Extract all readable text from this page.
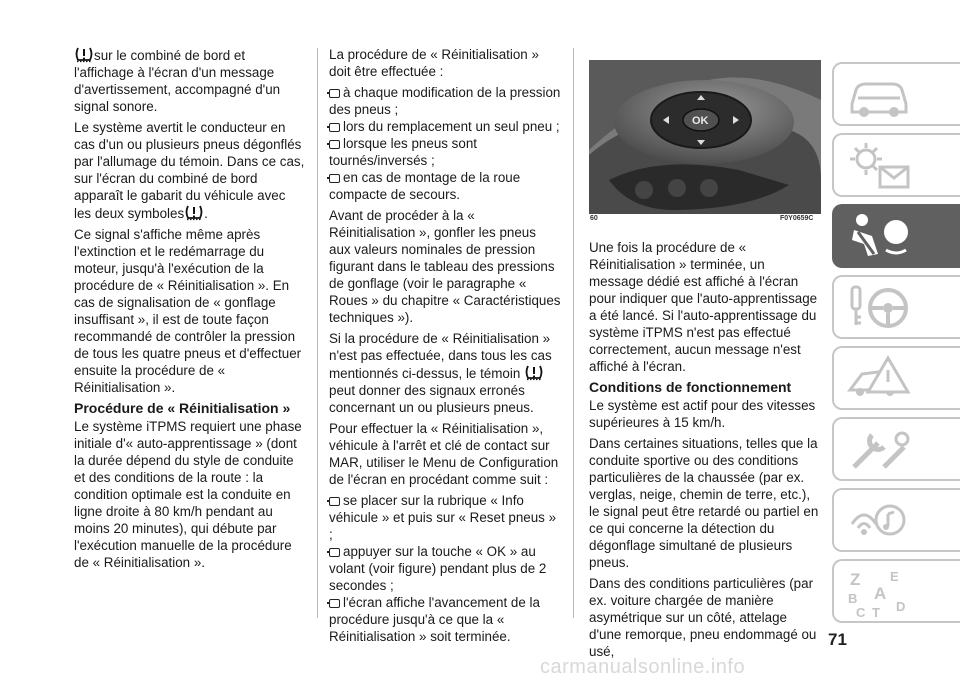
sur le combiné de bord et l'affichage à l'écran d'un message d'avertissement, accompagné d'un signal sonore.

Le système avertit le conducteur en cas d'un ou plusieurs pneus dégonflés par l'allumage du témoin. Dans ce cas, sur l'écran du combiné de bord apparaît le gabarit du véhicule avec les deux symboles .

Ce signal s'affiche même après l'extinction et le redémarrage du moteur, jusqu'à l'exécution de la procédure de « Réinitialisation ». En cas de signalisation de « gonflage insuffisant », il est de toute façon recommandé de contrôler la pression de tous les quatre pneus et d'effectuer ensuite la procédure de « Réinitialisation ».

Procédure de « Réinitialisation »

Le système iTPMS requiert une phase initiale d'« auto-apprentissage » (dont la durée dépend du style de conduite et des conditions de la route : la condition optimale est la conduite en ligne droite à 80 km/h pendant au moins 20 minutes), qui débute par l'exécution manuelle de la procédure de « Réinitialisation ».

La procédure de « Réinitialisation » doit être effectuée :

à chaque modification de la pression des pneus ;

lors du remplacement un seul pneu ;

lorsque les pneus sont tournés/inversés ;

en cas de montage de la roue compacte de secours.

Avant de procéder à la « Réinitialisation », gonfler les pneus aux valeurs nominales de pression figurant dans le tableau des pressions de gonflage (voir le paragraphe « Roues » du chapitre « Caractéristiques techniques »).

Si la procédure de « Réinitialisation » n'est pas effectuée, dans tous les cas mentionnés ci-dessus, le témoin
peut donner des signaux erronés concernant un ou plusieurs pneus.

Pour effectuer la « Réinitialisation », véhicule à l'arrêt et clé de contact sur MAR, utiliser le Menu de Configuration de l'écran en procédant comme suit :

se placer sur la rubrique « Info véhicule » et puis sur « Reset pneus » ;

appuyer sur la touche « OK » au volant (voir figure) pendant plus de 2 secondes ;

l'écran affiche l'avancement de la procédure jusqu'à ce que la « Réinitialisation » soit terminée.

OK
60	F0Y0659C

Une fois la procédure de « Réinitialisation » terminée, un message dédié est affiché à l'écran pour indiquer que l'auto-apprentissage a été lancé. Si l'auto-apprentissage du système iTPMS n'est pas effectué correctement, aucun message n'est affiché à l'écran.

Conditions de fonctionnement

Le système est actif pour des vitesses supérieures à 15 km/h.

Dans certaines situations, telles que la conduite sportive ou des conditions particulières de la chaussée (par ex. verglas, neige, chemin de terre, etc.), le signal peut être retardé ou partiel en ce qui concerne la détection du dégonflage simultané de plusieurs pneus.

Dans des conditions particulières (par ex. voiture chargée de manière asymétrique sur un côté, attelage d'une remorque, pneu endommagé ou usé,

Z E
B A
C T D
71
carmanualsonline.info
